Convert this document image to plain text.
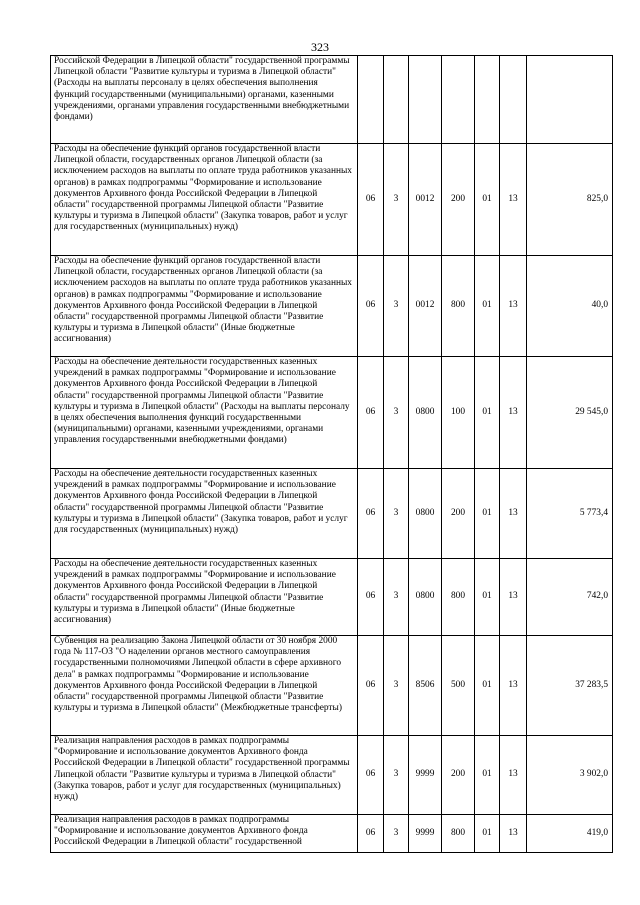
323
Российской Федерации в Липецкой области" государственной программы Липецкой области "Развитие культуры и туризма в Липецкой области" (Расходы на выплаты персоналу в целях обеспечения выполнения функций государственными (муниципальными) органами, казенными учреждениями, органами управления государственными внебюджетными фондами)							
Расходы на обеспечение функций органов государственной власти Липецкой области, государственных органов Липецкой области (за исключением расходов на выплаты по оплате труда работников указанных органов) в рамках подпрограммы "Формирование и использование документов Архивного фонда Российской Федерации в Липецкой области" государственной программы Липецкой области "Развитие культуры и туризма в Липецкой области" (Закупка товаров, работ и услуг для государственных (муниципальных) нужд)	06	3	0012	200	01	13	825,0
Расходы на обеспечение функций органов государственной власти Липецкой области, государственных органов Липецкой области (за исключением расходов на выплаты по оплате труда работников указанных органов) в рамках подпрограммы "Формирование и использование документов Архивного фонда Российской Федерации в Липецкой области" государственной программы Липецкой области "Развитие культуры и туризма в Липецкой области" (Иные бюджетные ассигнования)	06	3	0012	800	01	13	40,0
Расходы на обеспечение деятельности государственных казенных учреждений в рамках подпрограммы "Формирование и использование документов Архивного фонда Российской Федерации в Липецкой области" государственной программы Липецкой области "Развитие культуры и туризма в Липецкой области" (Расходы на выплаты персоналу в целях обеспечения выполнения функций государственными (муниципальными) органами, казенными учреждениями, органами управления государственными внебюджетными фондами)	06	3	0800	100	01	13	29 545,0
Расходы на обеспечение деятельности государственных казенных учреждений в рамках подпрограммы "Формирование и использование документов Архивного фонда Российской Федерации в Липецкой области" государственной программы Липецкой области "Развитие культуры и туризма в Липецкой области" (Закупка товаров, работ и услуг для государственных (муниципальных) нужд)	06	3	0800	200	01	13	5 773,4
Расходы на обеспечение деятельности государственных казенных учреждений в рамках подпрограммы "Формирование и использование документов Архивного фонда Российской Федерации в Липецкой области" государственной программы Липецкой области "Развитие культуры и туризма в Липецкой области" (Иные бюджетные ассигнования)	06	3	0800	800	01	13	742,0
Субвенция на реализацию Закона Липецкой области от 30 ноября 2000 года № 117-ОЗ "О наделении органов местного самоуправления государственными полномочиями Липецкой области в сфере архивного дела" в рамках подпрограммы "Формирование и использование документов Архивного фонда Российской Федерации в Липецкой области" государственной программы Липецкой области "Развитие культуры и туризма в Липецкой области" (Межбюджетные трансферты)	06	3	8506	500	01	13	37 283,5
Реализация направления расходов в рамках подпрограммы "Формирование и использование документов Архивного фонда Российской Федерации в Липецкой области" государственной программы Липецкой области "Развитие культуры и туризма в Липецкой области" (Закупка товаров, работ и услуг для государственных (муниципальных) нужд)	06	3	9999	200	01	13	3 902,0
Реализация направления расходов в рамках подпрограммы "Формирование и использование документов Архивного фонда Российской Федерации в Липецкой области" государственной	06	3	9999	800	01	13	419,0
